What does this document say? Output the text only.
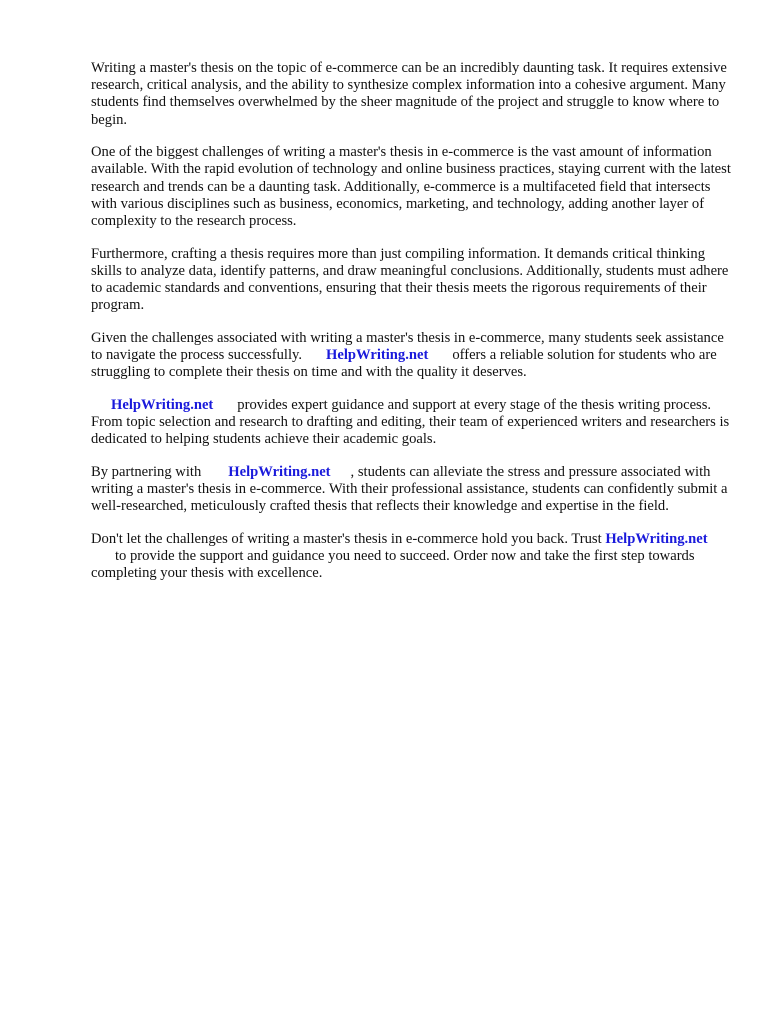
Writing a master's thesis on the topic of e-commerce can be an incredibly daunting task. It requires extensive research, critical analysis, and the ability to synthesize complex information into a cohesive argument. Many students find themselves overwhelmed by the sheer magnitude of the project and struggle to know where to begin.

One of the biggest challenges of writing a master's thesis in e-commerce is the vast amount of information available. With the rapid evolution of technology and online business practices, staying current with the latest research and trends can be a daunting task. Additionally, e-commerce is a multifaceted field that intersects with various disciplines such as business, economics, marketing, and technology, adding another layer of complexity to the research process.

Furthermore, crafting a thesis requires more than just compiling information. It demands critical thinking skills to analyze data, identify patterns, and draw meaningful conclusions. Additionally, students must adhere to academic standards and conventions, ensuring that their thesis meets the rigorous requirements of their program.

Given the challenges associated with writing a master's thesis in e-commerce, many students seek assistance to navigate the process successfully. HelpWriting.net offers a reliable solution for students who are struggling to complete their thesis on time and with the quality it deserves.

HelpWriting.net provides expert guidance and support at every stage of the thesis writing process. From topic selection and research to drafting and editing, their team of experienced writers and researchers is dedicated to helping students achieve their academic goals.

By partnering with HelpWriting.net , students can alleviate the stress and pressure associated with writing a master's thesis in e-commerce. With their professional assistance, students can confidently submit a well-researched, meticulously crafted thesis that reflects their knowledge and expertise in the field.

Don't let the challenges of writing a master's thesis in e-commerce hold you back. Trust HelpWriting.netto provide the support and guidance you need to succeed. Order now and take the first step towards completing your thesis with excellence.
